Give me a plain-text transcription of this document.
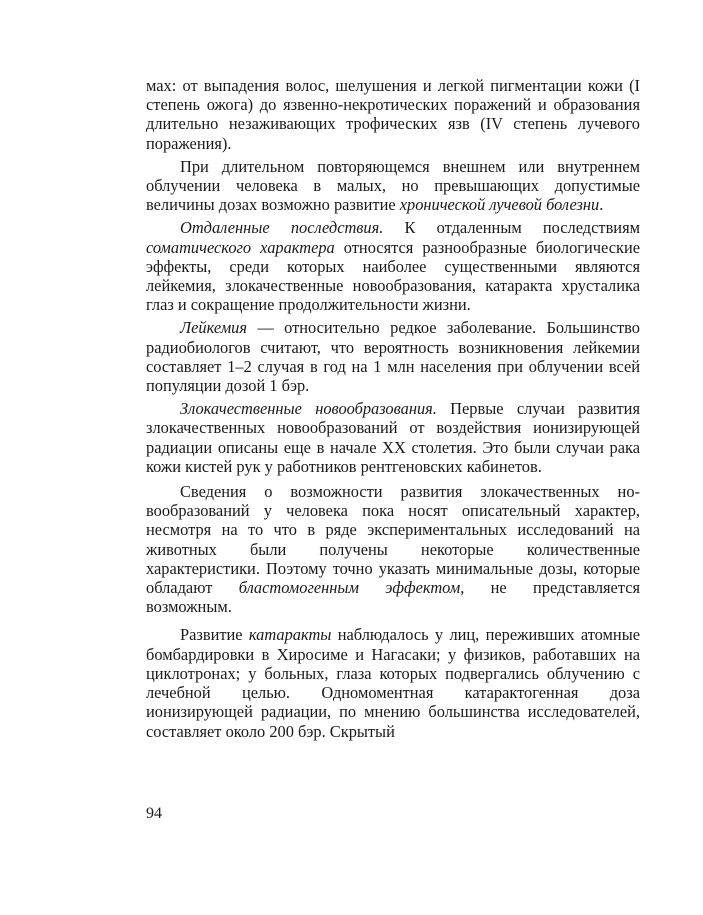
мах: от выпадения волос, шелушения и легкой пигментации кожи (I степень ожога) до язвенно-некротических поражений и образования длительно незаживающих трофических язв (IV степень лучевого поражения).

При длительном повторяющемся внешнем или внутреннем облучении человека в малых, но превышающих допустимые величины дозах возможно развитие хронической лучевой болезни.

Отдаленные последствия. К отдаленным последствиям соматического характера относятся разнообразные биологические эффекты, среди которых наиболее существенными являются лейкемия, злокачественные новообразования, катаракта хрусталика глаз и сокращение продолжительности жизни.

Лейкемия — относительно редкое заболевание. Большинство радиобиологов считают, что вероятность возникновения лейкемии составляет 1–2 случая в год на 1 млн населения при облучении всей популяции дозой 1 бэр.

Злокачественные новообразования. Первые случаи развития злокачественных новообразований от воздействия ионизирующей радиации описаны еще в начале XX столетия. Это были случаи рака кожи кистей рук у работников рентгеновских кабинетов.

Сведения о возможности развития злокачественных новообразований у человека пока носят описательный характер, несмотря на то что в ряде экспериментальных исследований на животных были получены некоторые количественные характеристики. Поэтому точно указать минимальные дозы, которые обладают бластомогенным эффектом, не представляется возможным.

Развитие катаракты наблюдалось у лиц, переживших атомные бомбардировки в Хиросиме и Нагасаки; у физиков, работавших на циклотронах; у больных, глаза которых подвергались облучению с лечебной целью. Одномоментная катарактогенная доза ионизирующей радиации, по мнению большинства исследователей, составляет около 200 бэр. Скрытый

94
